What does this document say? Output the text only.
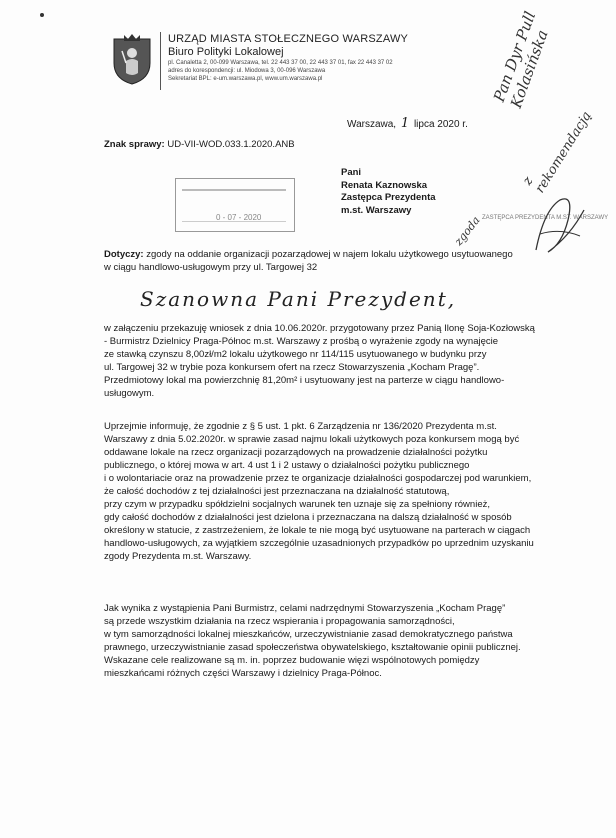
URZĄD MIASTA STOŁECZNEGO WARSZAWY
Biuro Polityki Lokalowej
pl. Canaletta 2, 00-099 Warszawa, tel. 22 443 37 00, 22 443 37 01, fax 22 443 37 02
adres do korespondencji: ul. Miodowa 3, 00-096 Warszawa
Sekretariat BPL: e-um.warszawa.pl, www.um.warszawa.pl
Warszawa, 1 lipca 2020 r.
Znak sprawy: UD-VII-WOD.033.1.2020.ANB
Pani
Renata Kaznowska
Zastępca Prezydenta
m.st. Warszawy
0 - 07 - 2020
Dotyczy: zgody na oddanie organizacji pozarządowej w najem lokalu użytkowego usytuowanego
w ciągu handlowo-usługowym przy ul. Targowej 32
Szanowna Pani Prezydent,

w załączeniu przekazuję wniosek z dnia 10.06.2020r. przygotowany przez Panią Ilonę Soja-Kozłowską

- Burmistrz Dzielnicy Praga-Północ m.st. Warszawy z prośbą o wyrażenie zgody na wynajęcie

ze stawką czynszu 8,00zł/m2 lokalu użytkowego nr 114/115 usytuowanego w budynku przy

ul. Targowej 32 w trybie poza konkursem ofert na rzecz Stowarzyszenia „Kocham Pragę”.

Przedmiotowy lokal ma powierzchnię 81,20m² i usytuowany jest na parterze w ciągu handlowo-

usługowym.

Uprzejmie informuję, że zgodnie z § 5 ust. 1 pkt. 6 Zarządzenia nr 136/2020 Prezydenta m.st.

Warszawy z dnia 5.02.2020r. w sprawie zasad najmu lokali użytkowych poza konkursem mogą być

oddawane lokale na rzecz organizacji pozarządowych na prowadzenie działalności pożytku

publicznego, o której mowa w art. 4 ust 1 i 2 ustawy o działalności pożytku publicznego

i o wolontariacie oraz na prowadzenie przez te organizacje działalności gospodarczej pod warunkiem,

że całość dochodów z tej działalności jest przeznaczana na działalność statutową,

przy czym w przypadku spółdzielni socjalnych warunek ten uznaje się za spełniony również,

gdy całość dochodów z działalności jest dzielona i przeznaczana na dalszą działalność w sposób

określony w statucie, z zastrzeżeniem, że lokale te nie mogą być usytuowane na parterach w ciągach

handlowo-usługowych, za wyjątkiem szczególnie uzasadnionych przypadków po uprzednim uzyskaniu

zgody Prezydenta m.st. Warszawy.

Jak wynika z wystąpienia Pani Burmistrz, celami nadrzędnymi Stowarzyszenia „Kocham Pragę”

są przede wszystkim działania na rzecz wspierania i propagowania samorządności,

w tym samorządności lokalnej mieszkańców, urzeczywistnianie zasad demokratycznego państwa

prawnego, urzeczywistnianie zasad społeczeństwa obywatelskiego, kształtowanie opinii publicznej.

Wskazane cele realizowane są m. in. poprzez budowanie więzi wspólnotowych pomiędzy

mieszkańcami różnych części Warszawy i dzielnicy Praga-Północ.

Pan Dyr Pull Kolasińska
z rekomendacją
zgoda ZASTĘPCA PREZYDENTA M.ST. WARSZAWY
